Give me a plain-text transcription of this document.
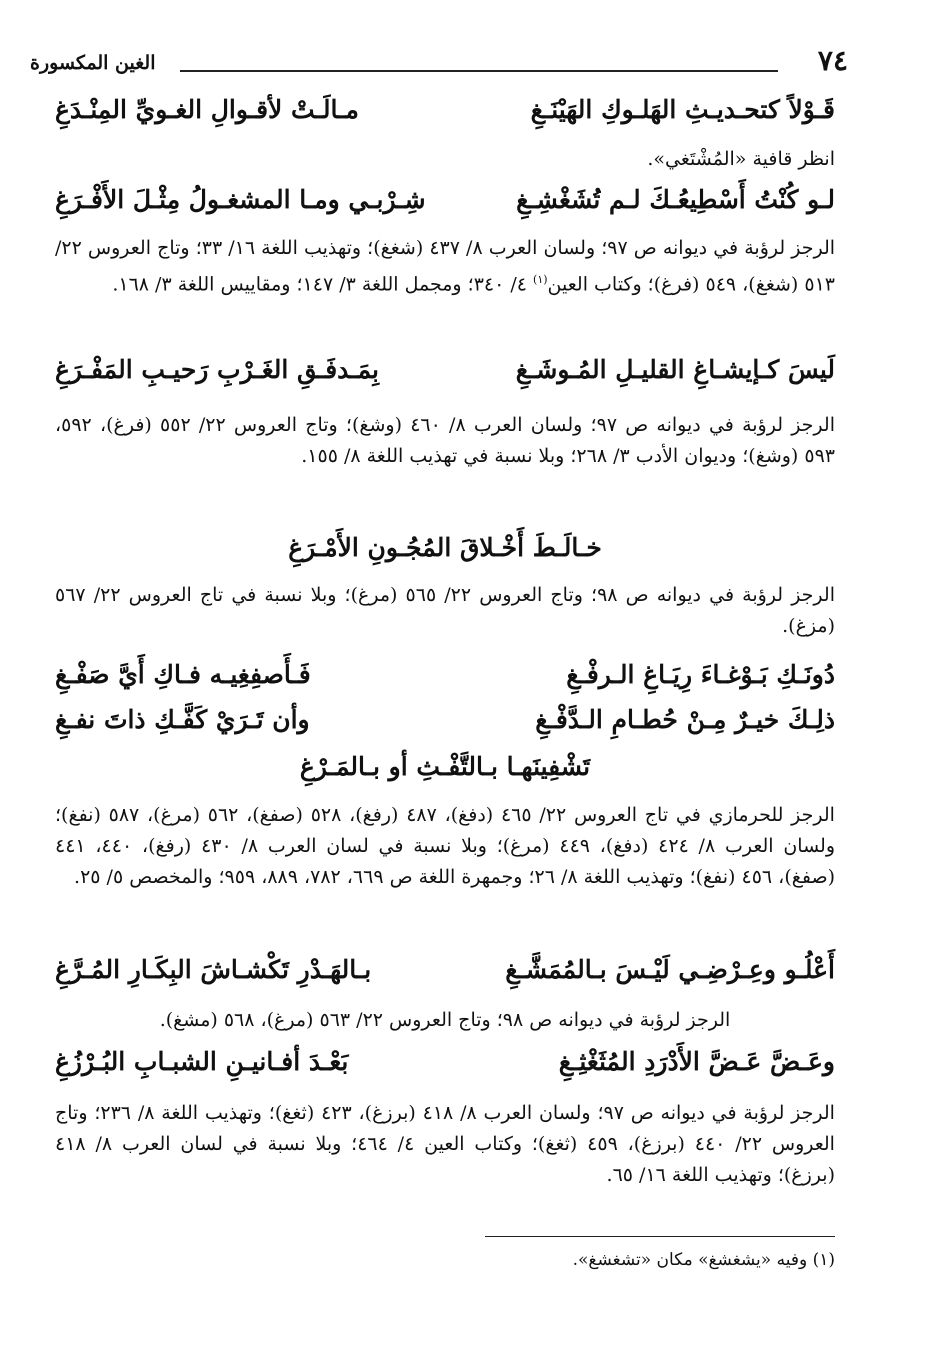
٧٤
الغين المكسورة
قَـوْلاً كتحـديـثِ الهَلـوكِ الهَيْنَـغِ
مـالَـتْ لأقـوالِ الغـويِّ المِنْـدَغِ
انظر قافية «المُشْتَغي».
لـو كُنْتُ أَسْطِيعُـكَ لـم تُشَغْشِـغِ
شِـرْبـي ومـا المشغـولُ مِثْـلَ الأَفْـرَغِ
الرجز لرؤبة في ديوانه ص ٩٧؛ ولسان العرب ٨/ ٤٣٧ (شغغ)؛ وتهذيب اللغة ١٦/ ٣٣؛ وتاج العروس ٢٢/ ٥١٣ (شغغ)، ٥٤٩ (فرغ)؛ وكتاب العين$^{(١)}$ ٤/ ٣٤٠؛ ومجمل اللغة ٣/ ١٤٧؛ ومقاييس اللغة ٣/ ١٦٨.
لَيسَ كـإيشـاغِ القليـلِ المُـوشَـغِ
بِمَـدفَـقِ الغَـرْبِ رَحيـبِ المَفْـرَغِ
الرجز لرؤبة في ديوانه ص ٩٧؛ ولسان العرب ٨/ ٤٦٠ (وشغ)؛ وتاج العروس ٢٢/ ٥٥٢ (فرغ)، ٥٩٢، ٥٩٣ (وشغ)؛ وديوان الأدب ٣/ ٢٦٨؛ وبلا نسبة في تهذيب اللغة ٨/ ١٥٥.
خـالَـطَ أَخْـلاقَ المُجُـونِ الأَمْـرَغِ
الرجز لرؤبة في ديوانه ص ٩٨؛ وتاج العروس ٢٢/ ٥٦٥ (مرغ)؛ وبلا نسبة في تاج العروس ٢٢/ ٥٦٧ (مزغ).
دُونَـكِ بَـوْغـاءَ رِيَـاغِ الـرفْـغِ
فَـأَصفِغِيـه فـاكِ أَيَّ صَفْـغِ
ذلِـكَ خيـرٌ مِـنْ حُطـامِ الـدَّفْـغِ
وأن تَـرَيْ كَفَّـكِ ذاتَ نفـغِ
تَشْفِينَهـا بـالتَّفْـثِ أو بـالمَـرْغِ
الرجز للحرمازي في تاج العروس ٢٢/ ٤٦٥ (دفغ)، ٤٨٧ (رفغ)، ٥٢٨ (صفغ)، ٥٦٢ (مرغ)، ٥٨٧ (نفغ)؛ ولسان العرب ٨/ ٤٢٤ (دفغ)، ٤٤٩ (مرغ)؛ وبلا نسبة في لسان العرب ٨/ ٤٣٠ (رفغ)، ٤٤٠، ٤٤١ (صفغ)، ٤٥٦ (نفغ)؛ وتهذيب اللغة ٨/ ٢٦؛ وجمهرة اللغة ص ٦٦٩، ٧٨٢، ٨٨٩، ٩٥٩؛ والمخصص ٥/ ٢٥.
أَعْلُـو وعِـرْضِـي لَيْـسَ بـالمُمَشَّـغِ
بـالهَـدْرِ تَكْشـاشَ البِكَـارِ المُـرَّغِ
الرجز لرؤبة في ديوانه ص ٩٨؛ وتاج العروس ٢٢/ ٥٦٣ (مرغ)، ٥٦٨ (مشغ).
وعَـضَّ عَـضَّ الأَدْرَدِ المُثَغْثِـغِ
بَعْـدَ أفـانيـنِ الشبـابِ البُـرْزُغِ
الرجز لرؤبة في ديوانه ص ٩٧؛ ولسان العرب ٨/ ٤١٨ (برزغ)، ٤٢٣ (ثغغ)؛ وتهذيب اللغة ٨/ ٢٣٦؛ وتاج العروس ٢٢/ ٤٤٠ (برزغ)، ٤٥٩ (ثغغ)؛ وكتاب العين ٤/ ٤٦٤؛ وبلا نسبة في لسان العرب ٨/ ٤١٨ (برزغ)؛ وتهذيب اللغة ١٦/ ٦٥.
(١) وفيه «يشغشغ» مكان «تشغشغ».
